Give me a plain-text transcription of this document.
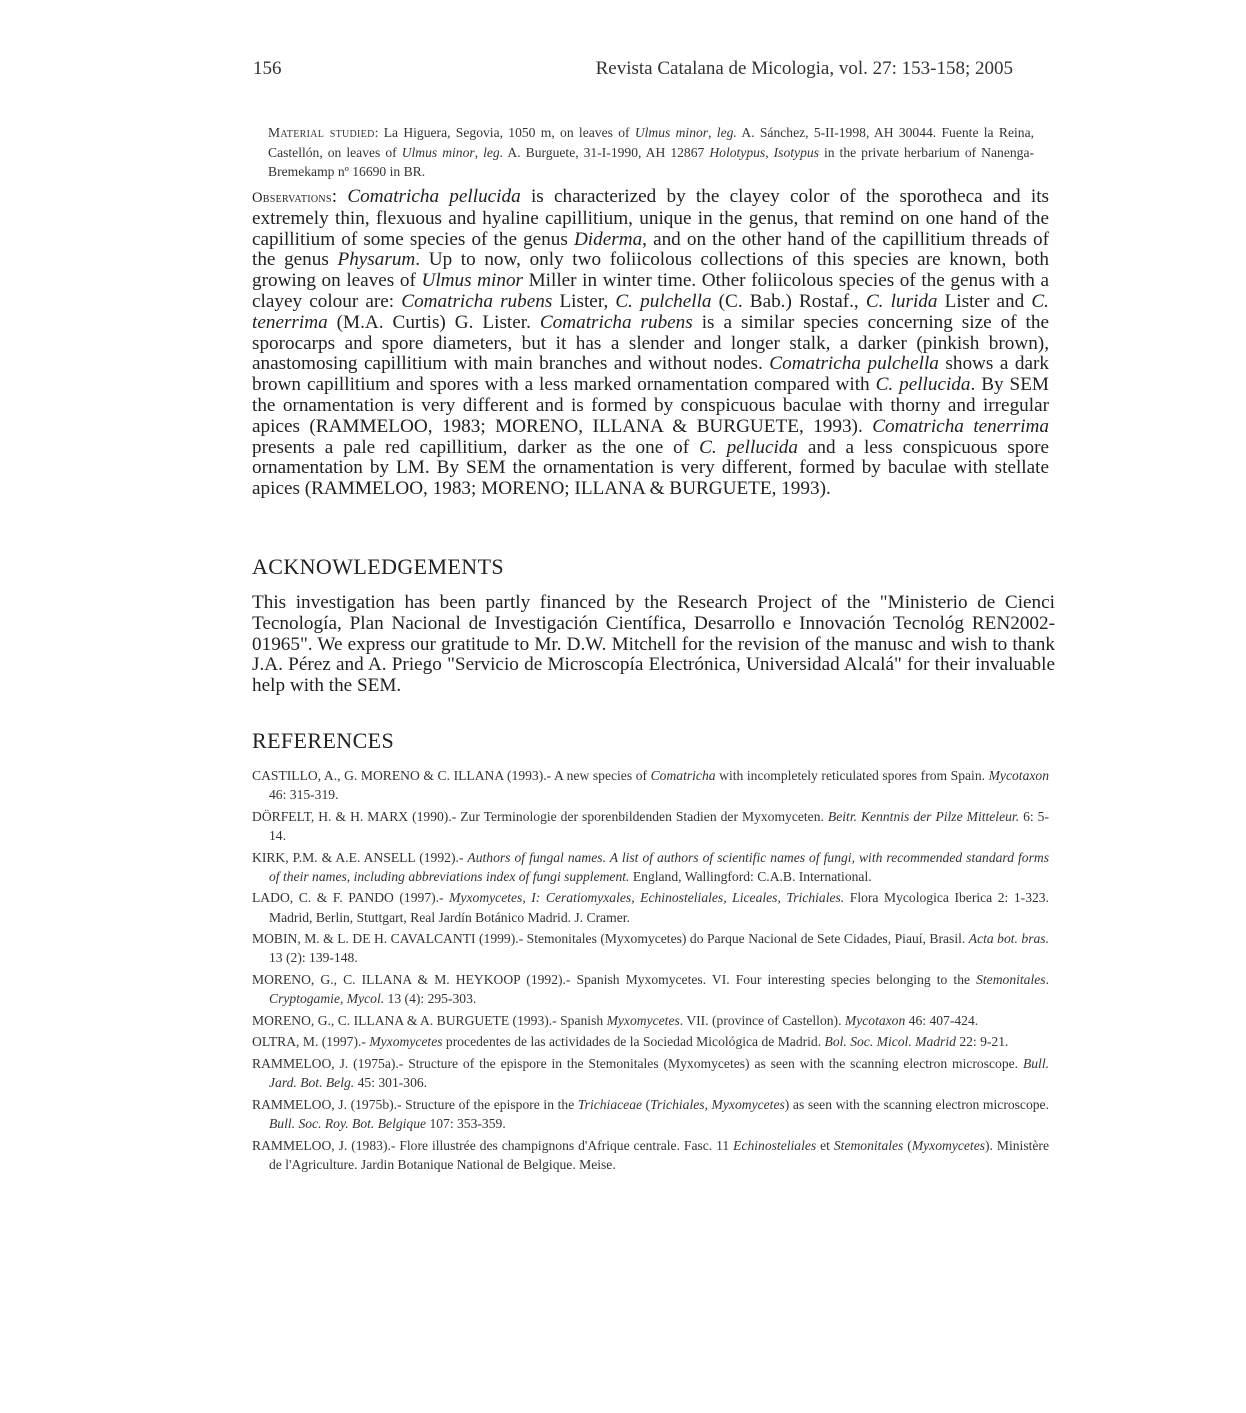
156	Revista Catalana de Micologia, vol. 27: 153-158; 2005

Material studied: La Higuera, Segovia, 1050 m, on leaves of Ulmus minor, leg. A. Sánchez, 5-II-1998, AH 30044. Fuente la Reina, Castellón, on leaves of Ulmus minor, leg. A. Burguete, 31-I-1990, AH 12867 Holotypus, Isotypus in the private herbarium of Nanenga-Bremekamp nº 16690 in BR.

Observations: Comatricha pellucida is characterized by the clayey color of the sporotheca and its extremely thin, flexuous and hyaline capillitium, unique in the genus, that remind on one hand of the capillitium of some species of the genus Diderma, and on the other hand of the capillitium threads of the genus Physarum. Up to now, only two foliicolous collections of this species are known, both growing on leaves of Ulmus minor Miller in winter time. Other foliicolous species of the genus with a clayey colour are: Comatricha rubens Lister, C. pulchella (C. Bab.) Rostaf., C. lurida Lister and C. tenerrima (M.A. Curtis) G. Lister. Comatricha rubens is a similar species concerning size of the sporocarps and spore diameters, but it has a slender and longer stalk, a darker (pinkish brown), anastomosing capillitium with main branches and without nodes. Comatricha pulchella shows a dark brown capillitium and spores with a less marked ornamentation compared with C. pellucida. By SEM the ornamentation is very different and is formed by conspicuous baculae with thorny and irregular apices (RAMMELOO, 1983; MORENO, ILLANA & BURGUETE, 1993). Comatricha tenerrima presents a pale red capillitium, darker as the one of C. pellucida and a less conspicuous spore ornamentation by LM. By SEM the ornamentation is very different, formed by baculae with stellate apices (RAMMELOO, 1983; MORENO; ILLANA & BURGUETE, 1993).

ACKNOWLEDGEMENTS

This investigation has been partly financed by the Research Project of the "Ministerio de Cienci Tecnología, Plan Nacional de Investigación Científica, Desarrollo e Innovación Tecnológ REN2002-01965". We express our gratitude to Mr. D.W. Mitchell for the revision of the manusc and wish to thank J.A. Pérez and A. Priego "Servicio de Microscopía Electrónica, Universidad Alcalá" for their invaluable help with the SEM.

REFERENCES

CASTILLO, A., G. MORENO & C. ILLANA (1993).- A new species of Comatricha with incompletely reticulated spores from Spain. Mycotaxon 46: 315-319.

DÖRFELT, H. & H. MARX (1990).- Zur Terminologie der sporenbildenden Stadien der Myxomyceten. Beitr. Kenntnis der Pilze Mitteleur. 6: 5-14.

KIRK, P.M. & A.E. ANSELL (1992).- Authors of fungal names. A list of authors of scientific names of fungi, with recommended standard forms of their names, including abbreviations index of fungi supplement. England, Wallingford: C.A.B. International.

LADO, C. & F. PANDO (1997).- Myxomycetes, I: Ceratiomyxales, Echinosteliales, Liceales, Trichiales. Flora Mycologica Iberica 2: 1-323. Madrid, Berlin, Stuttgart, Real Jardín Botánico Madrid. J. Cramer.

MOBIN, M. & L. DE H. CAVALCANTI (1999).- Stemonitales (Myxomycetes) do Parque Nacional de Sete Cidades, Piauí, Brasil. Acta bot. bras. 13 (2): 139-148.

MORENO, G., C. ILLANA & M. HEYKOOP (1992).- Spanish Myxomycetes. VI. Four interesting species belonging to the Stemonitales. Cryptogamie, Mycol. 13 (4): 295-303.

MORENO, G., C. ILLANA & A. BURGUETE (1993).- Spanish Myxomycetes. VII. (province of Castellon). Mycotaxon 46: 407-424.

OLTRA, M. (1997).- Myxomycetes procedentes de las actividades de la Sociedad Micológica de Madrid. Bol. Soc. Micol. Madrid 22: 9-21.

RAMMELOO, J. (1975a).- Structure of the epispore in the Stemonitales (Myxomycetes) as seen with the scanning electron microscope. Bull. Jard. Bot. Belg. 45: 301-306.

RAMMELOO, J. (1975b).- Structure of the epispore in the Trichiaceae (Trichiales, Myxomycetes) as seen with the scanning electron microscope. Bull. Soc. Roy. Bot. Belgique 107: 353-359.

RAMMELOO, J. (1983).- Flore illustrée des champignons d'Afrique centrale. Fasc. 11 Echinosteliales et Stemonitales (Myxomycetes). Ministère de l'Agriculture. Jardin Botanique National de Belgique. Meise.
